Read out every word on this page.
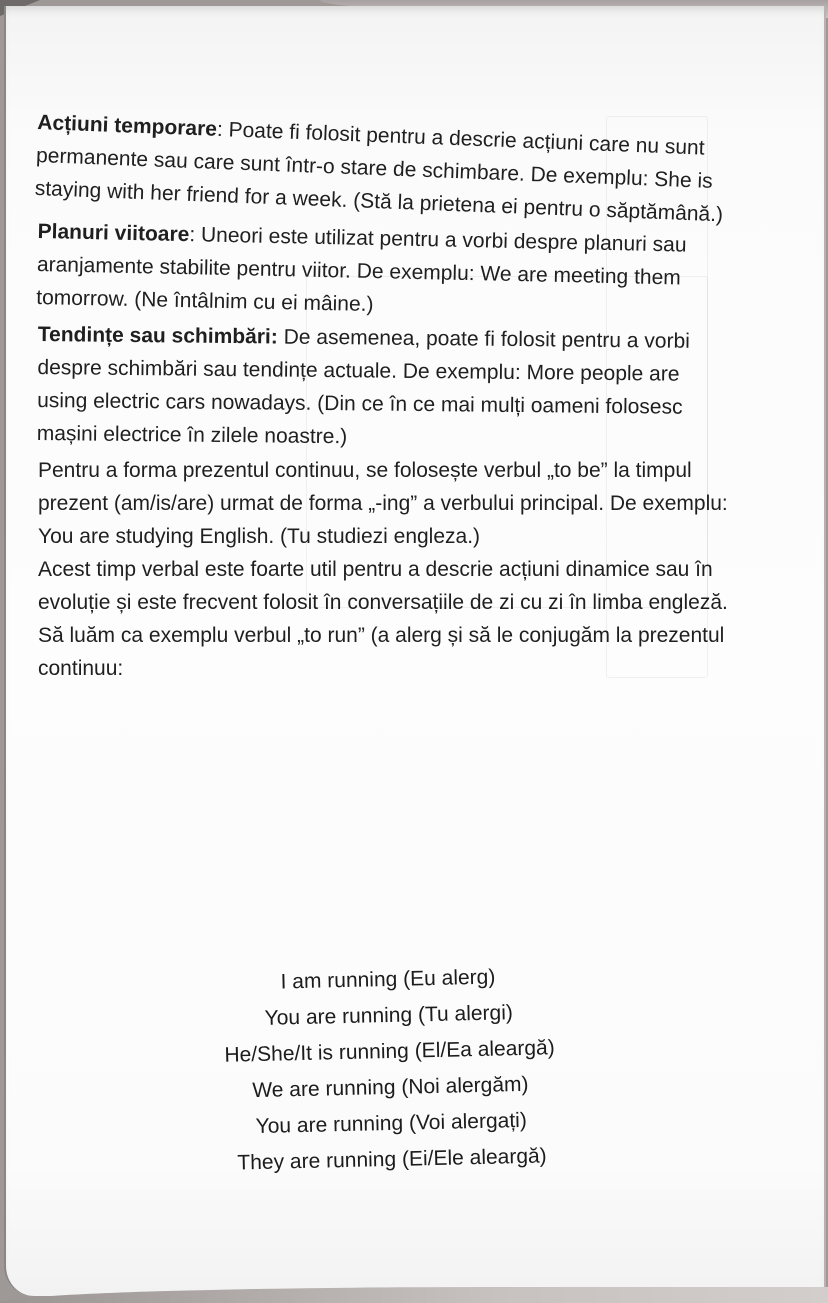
Acțiuni temporare: Poate fi folosit pentru a descrie acțiuni care nu sunt permanente sau care sunt într-o stare de schimbare. De exemplu: She is staying with her friend for a week. (Stă la prietena ei pentru o săptămână.)

Planuri viitoare: Uneori este utilizat pentru a vorbi despre planuri sau aranjamente stabilite pentru viitor. De exemplu: We are meeting them tomorrow. (Ne întâlnim cu ei mâine.)

Tendințe sau schimbări: De asemenea, poate fi folosit pentru a vorbi despre schimbări sau tendințe actuale. De exemplu: More people are using electric cars nowadays. (Din ce în ce mai mulți oameni folosesc mașini electrice în zilele noastre.)

Pentru a forma prezentul continuu, se folosește verbul „to be” la timpul prezent (am/is/are) urmat de forma „-ing” a verbului principal. De exemplu: You are studying English. (Tu studiezi engleza.)

Acest timp verbal este foarte util pentru a descrie acțiuni dinamice sau în evoluție și este frecvent folosit în conversațiile de zi cu zi în limba engleză.

Să luăm ca exemplu verbul „to run” (a alerg și să le conjugăm la prezentul continuu:

I am running (Eu alerg)
You are running (Tu alergi)
He/She/It is running (El/Ea aleargă)
We are running (Noi alergăm)
You are running (Voi alergați)
They are running (Ei/Ele aleargă)
